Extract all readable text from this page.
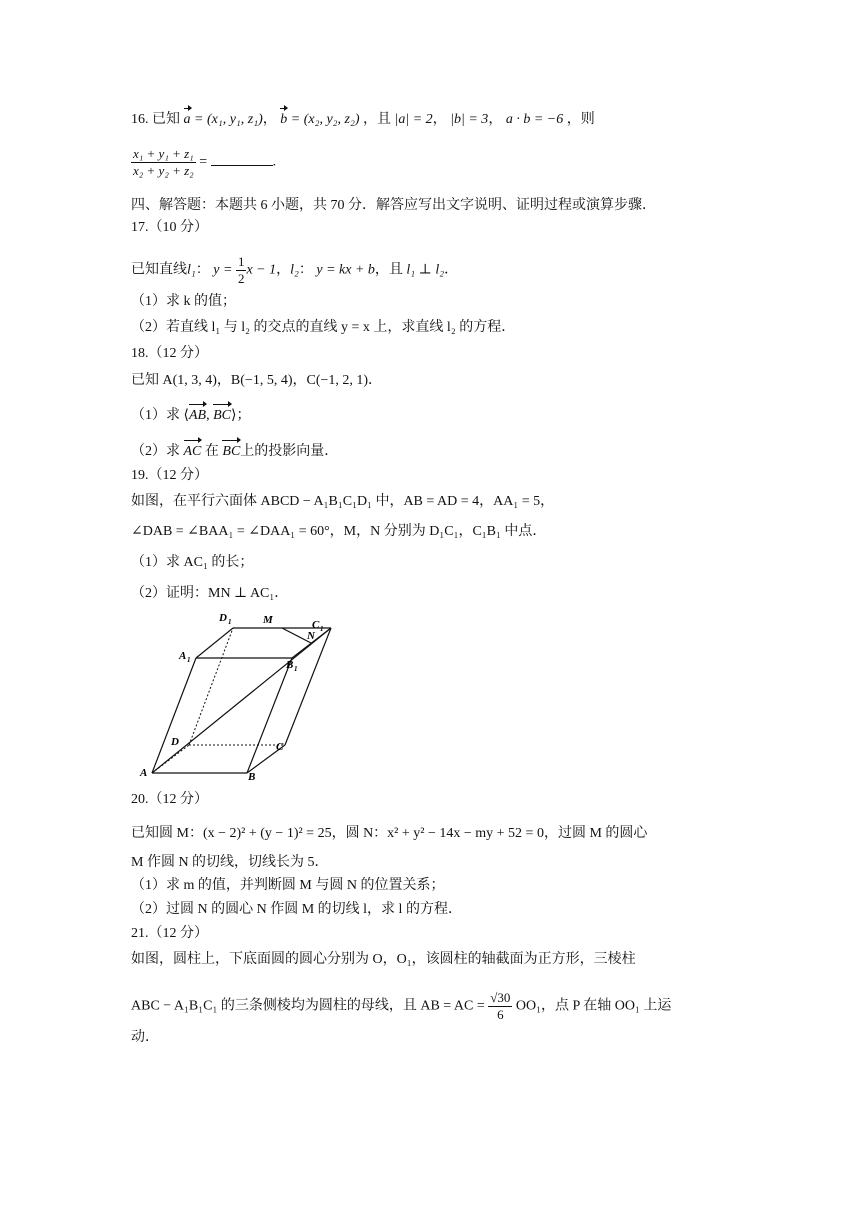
16. 已知 a = (x₁, y₁, z₁)， b = (x₂, y₂, z₂) ，且 |a| = 2， |b| = 3， a · b = −6 ，则
$\frac{\text{x₁ + y₁ + z₁}}{\text{x₂ + y₂ + z₂}}$ =	.
四、解答题：本题共 6 小题，共 70 分．解答应写出文字说明、证明过程或演算步骤．
17.（10 分）
已知直线l₁： $y = \frac{1}{2}$ x − 1，l₂： y = kx + b，且 l₁ ⊥ l₂．
（1）求 k 的值；
（2）若直线 l₁ 与 l₂ 的交点的直线 y = x 上，求直线 l₂ 的方程．
18.（12 分）
已知 A(1, 3, 4)，B(−1, 5, 4)，C(−1, 2, 1)．
（1）求 ⟨AB, BC⟩；
（2）求 AC 在 BC上的投影向量．
19.（12 分）
如图，在平行六面体 ABCD − A₁B₁C₁D₁ 中，AB = AD = 4，AA₁ = 5，
∠DAB = ∠BAA₁ = ∠DAA₁ = 60°，M，N 分别为 D₁C₁，C₁B₁ 中点．
（1）求 AC₁ 的长；
（2）证明：MN ⊥ AC₁．
D 1	M	C 1
N
A 1	B 1
D	C
A	B
20.（12 分）
已知圆 M：(x − 2)² + (y − 1)² = 25，圆 N：x² + y² − 14x − my + 52 = 0，过圆 M 的圆心
M 作圆 N 的切线，切线长为 5．
（1）求 m 的值，并判断圆 M 与圆 N 的位置关系；
（2）过圆 N 的圆心 N 作圆 M 的切线 l，求 l 的方程．
21.（12 分）
如图，圆柱上，下底面圆的圆心分别为 O，O₁，该圆柱的轴截面为正方形，三棱柱
ABC − A₁B₁C₁ 的三条侧棱均为圆柱的母线，且 AB = AC = $\frac{√30}{6} OO_1$，点 P 在轴 OO₁ 上运
动．
